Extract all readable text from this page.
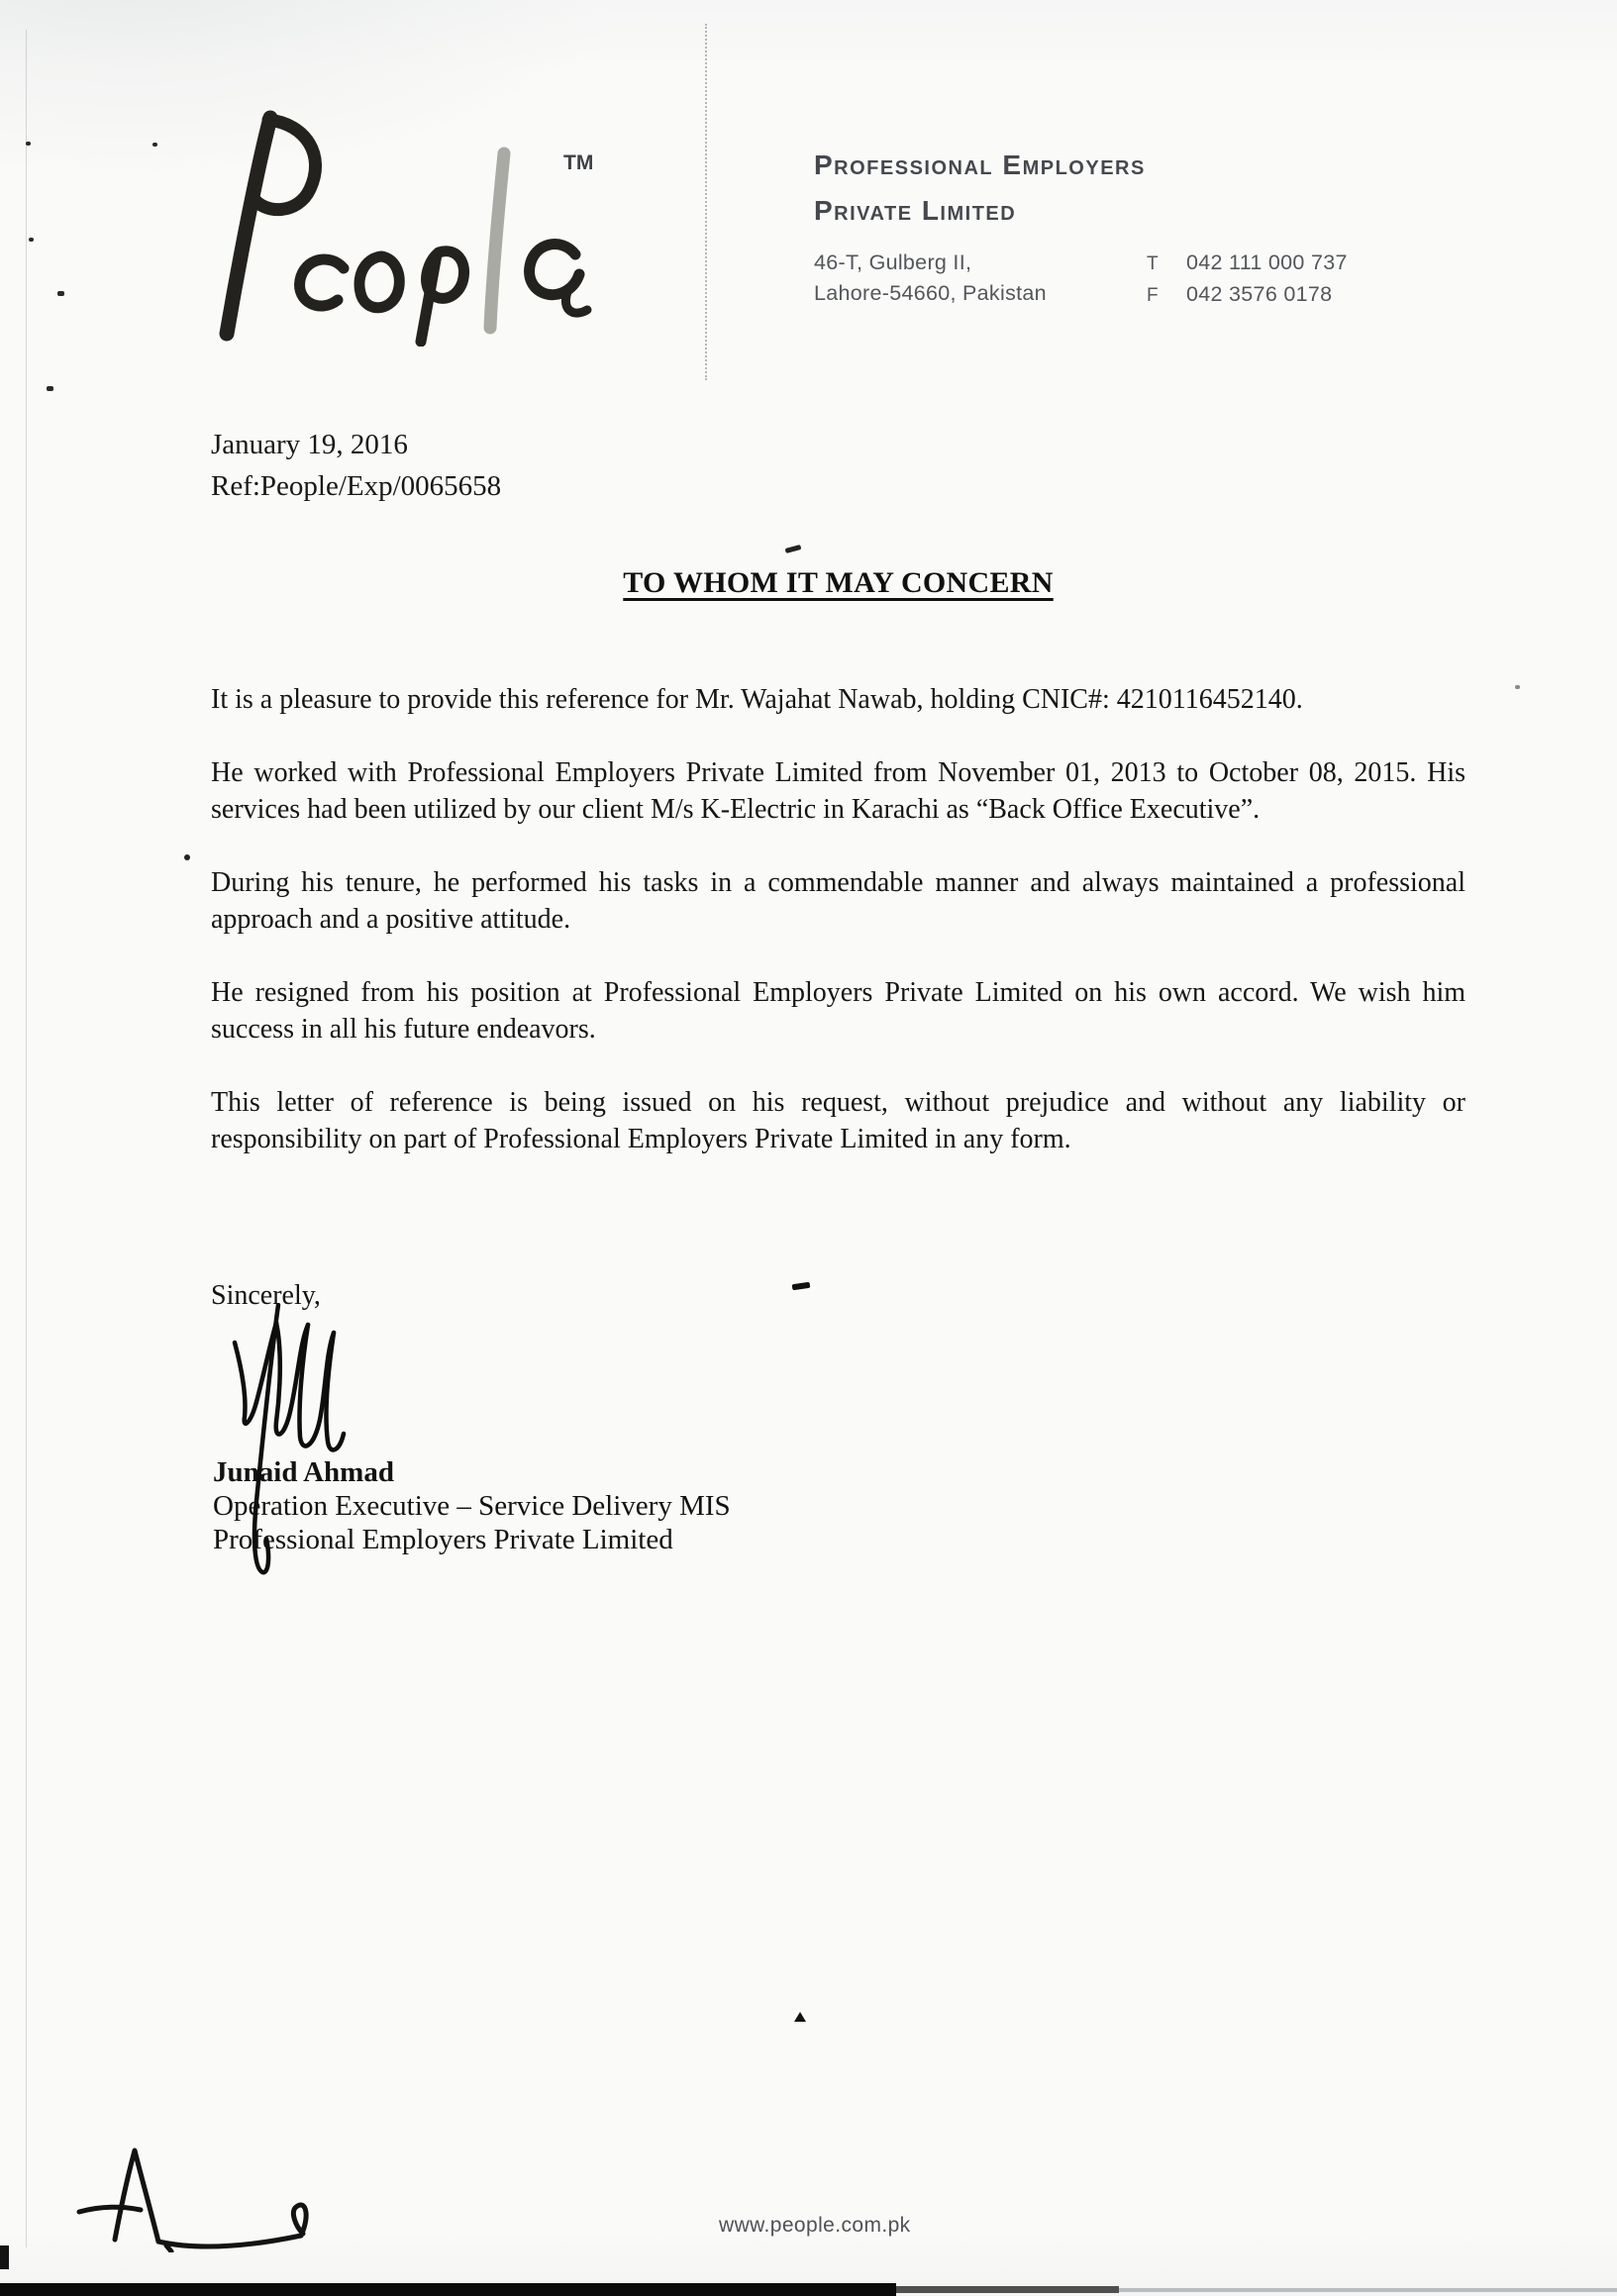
TM	Professional Employers
Private Limited
46-T, Gulberg II,
Lahore-54660, Pakistan
T 042 111 000 737
F 042 3576 0178
January 19, 2016
Ref:People/Exp/0065658
TO WHOM IT MAY CONCERN

It is a pleasure to provide this reference for Mr. Wajahat Nawab, holding CNIC#: 4210116452140.

He worked with Professional Employers Private Limited from November 01, 2013 to October 08, 2015. His services had been utilized by our client M/s K-Electric in Karachi as “Back Office Executive”.

During his tenure, he performed his tasks in a commendable manner and always maintained a professional approach and a positive attitude.

He resigned from his position at Professional Employers Private Limited on his own accord. We wish him success in all his future endeavors.

This letter of reference is being issued on his request, without prejudice and without any liability or responsibility on part of Professional Employers Private Limited in any form.

Sincerely,
Junaid Ahmad
Operation Executive – Service Delivery MIS
Professional Employers Private Limited
www.people.com.pk
